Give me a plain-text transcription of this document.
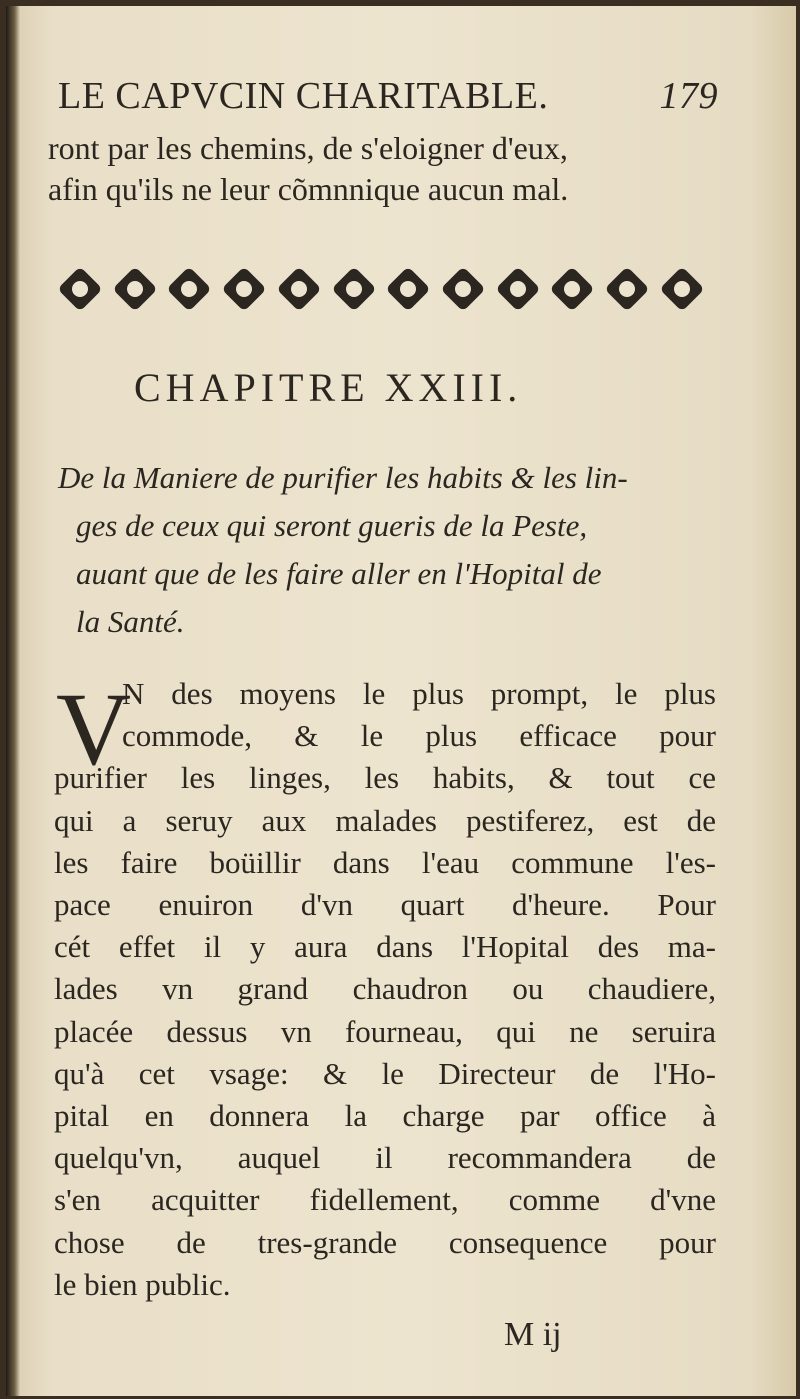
LE CAPVCIN CHARITABLE.	179
ront par les chemins, de s'eloigner d'eux,
afin qu'ils ne leur cõmnnique aucun mal.
CHAPITRE XXIII.
De la Maniere de purifier les habits & les lin-
ges de ceux qui seront gueris de la Peste,
auant que de les faire aller en l'Hopital de
la Santé.
V
N des moyens le plus prompt, le plus
commode, & le plus efficace pour
purifier les linges, les habits, & tout ce
qui a seruy aux malades pestiferez, est de
les faire boüillir dans l'eau commune l'es-
pace enuiron d'vn quart d'heure. Pour
cét effet il y aura dans l'Hopital des ma-
lades vn grand chaudron ou chaudiere,
placée dessus vn fourneau, qui ne seruira
qu'à cet vsage: & le Directeur de l'Ho-
pital en donnera la charge par office à
quelqu'vn, auquel il recommandera de
s'en acquitter fidellement, comme d'vne
chose de tres-grande consequence pour
le bien public.
M ij
